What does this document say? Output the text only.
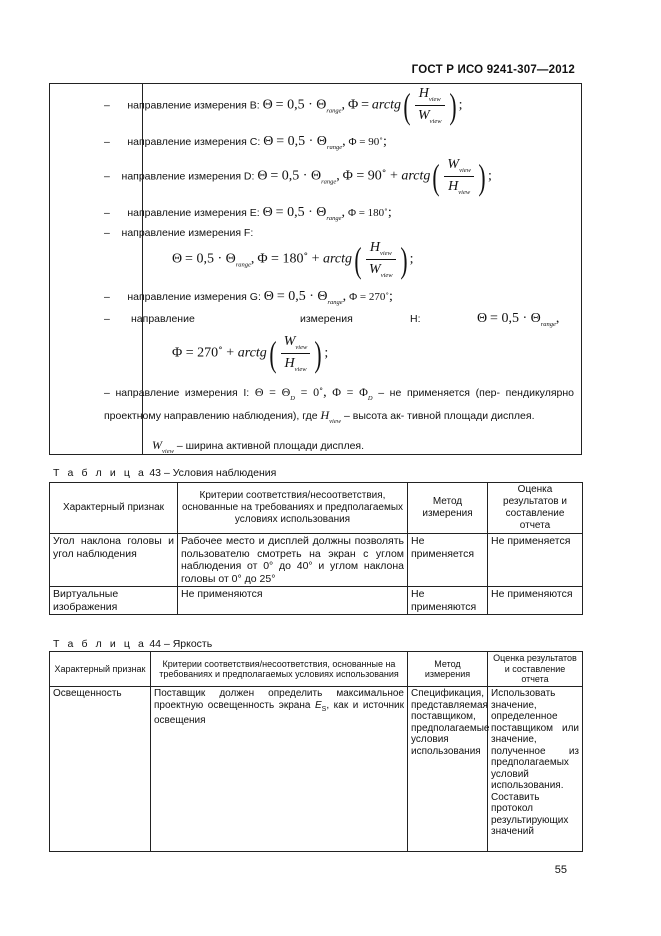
ГОСТ Р ИСО 9241-307—2012
– направление измерения B: $\Theta = 0,5 \cdot \Theta_{range}$, Φ = arctg( $\frac{H_{view}}{W_{view}}$ ) ;
– направление измерения C: $\Theta = 0,5 \cdot \Theta_{range}$, Φ = 90˚;
– направление измерения D: $\Theta = 0,5 \cdot \Theta_{range}$, Φ = 90˚ + arctg( $\frac{W_{view}}{H_{view}}$ ) ;
– направление измерения E: $\Theta = 0,5 \cdot \Theta_{range}$, Φ = 180˚;
– направление измерения F:
$\Theta = 0,5 \cdot \Theta_{range}$, Φ = 180˚ + arctg( $\frac{H_{view}}{W_{view}}$ ) ;
– направление измерения G: $\Theta = 0,5 \cdot \Theta_{range}$, Φ = 270˚;
– направление	измерения	H:	$\Theta = 0,5 \cdot \Theta_{range}$,
Φ = 270˚ + arctg( $\frac{W_{view}}{H_{view}}$ ) ;
– направление измерения I: $\Theta = \Theta_D$ = 0˚, $\Phi = \Phi_D$ – не применяется (пер- пендикулярно проектному направлению наблюдения), где $H_{view}$ – высота ак- тивной площади дисплея.
$W_{view}$ – ширина активной площади дисплея.
Т а б л и ц а 43 – Условия наблюдения
Характерный признак	Критерии соответствия/несоответствия, основанные на требованиях и предполагаемых условиях использования	Метод измерения	Оценка результатов и составление отчета
Угол наклона головы и угол наблюдения	Рабочее место и дисплей должны позволять пользователю смотреть на экран с углом наблюдения от 0° до 40° и углом наклона головы от 0° до 25°	Не применяется	Не применяется
Виртуальные изображения	Не применяются	Не применяются	Не применяются
Т а б л и ц а 44 – Яркость
Характерный признак	Критерии соответствия/несоответствия, основанные на требованиях и предполагаемых условиях использования	Метод измерения	Оценка результатов и составление отчета
Освещенность	Поставщик должен определить максимальное проектную освещенность экрана $E_S$, как и источник освещения	Спецификация, представляемая поставщиком, предполагаемые условия использования	Использовать значение, определенное поставщиком или значение, полученное из предполагаемых условий использования. Составить протокол результирующих значений
55
